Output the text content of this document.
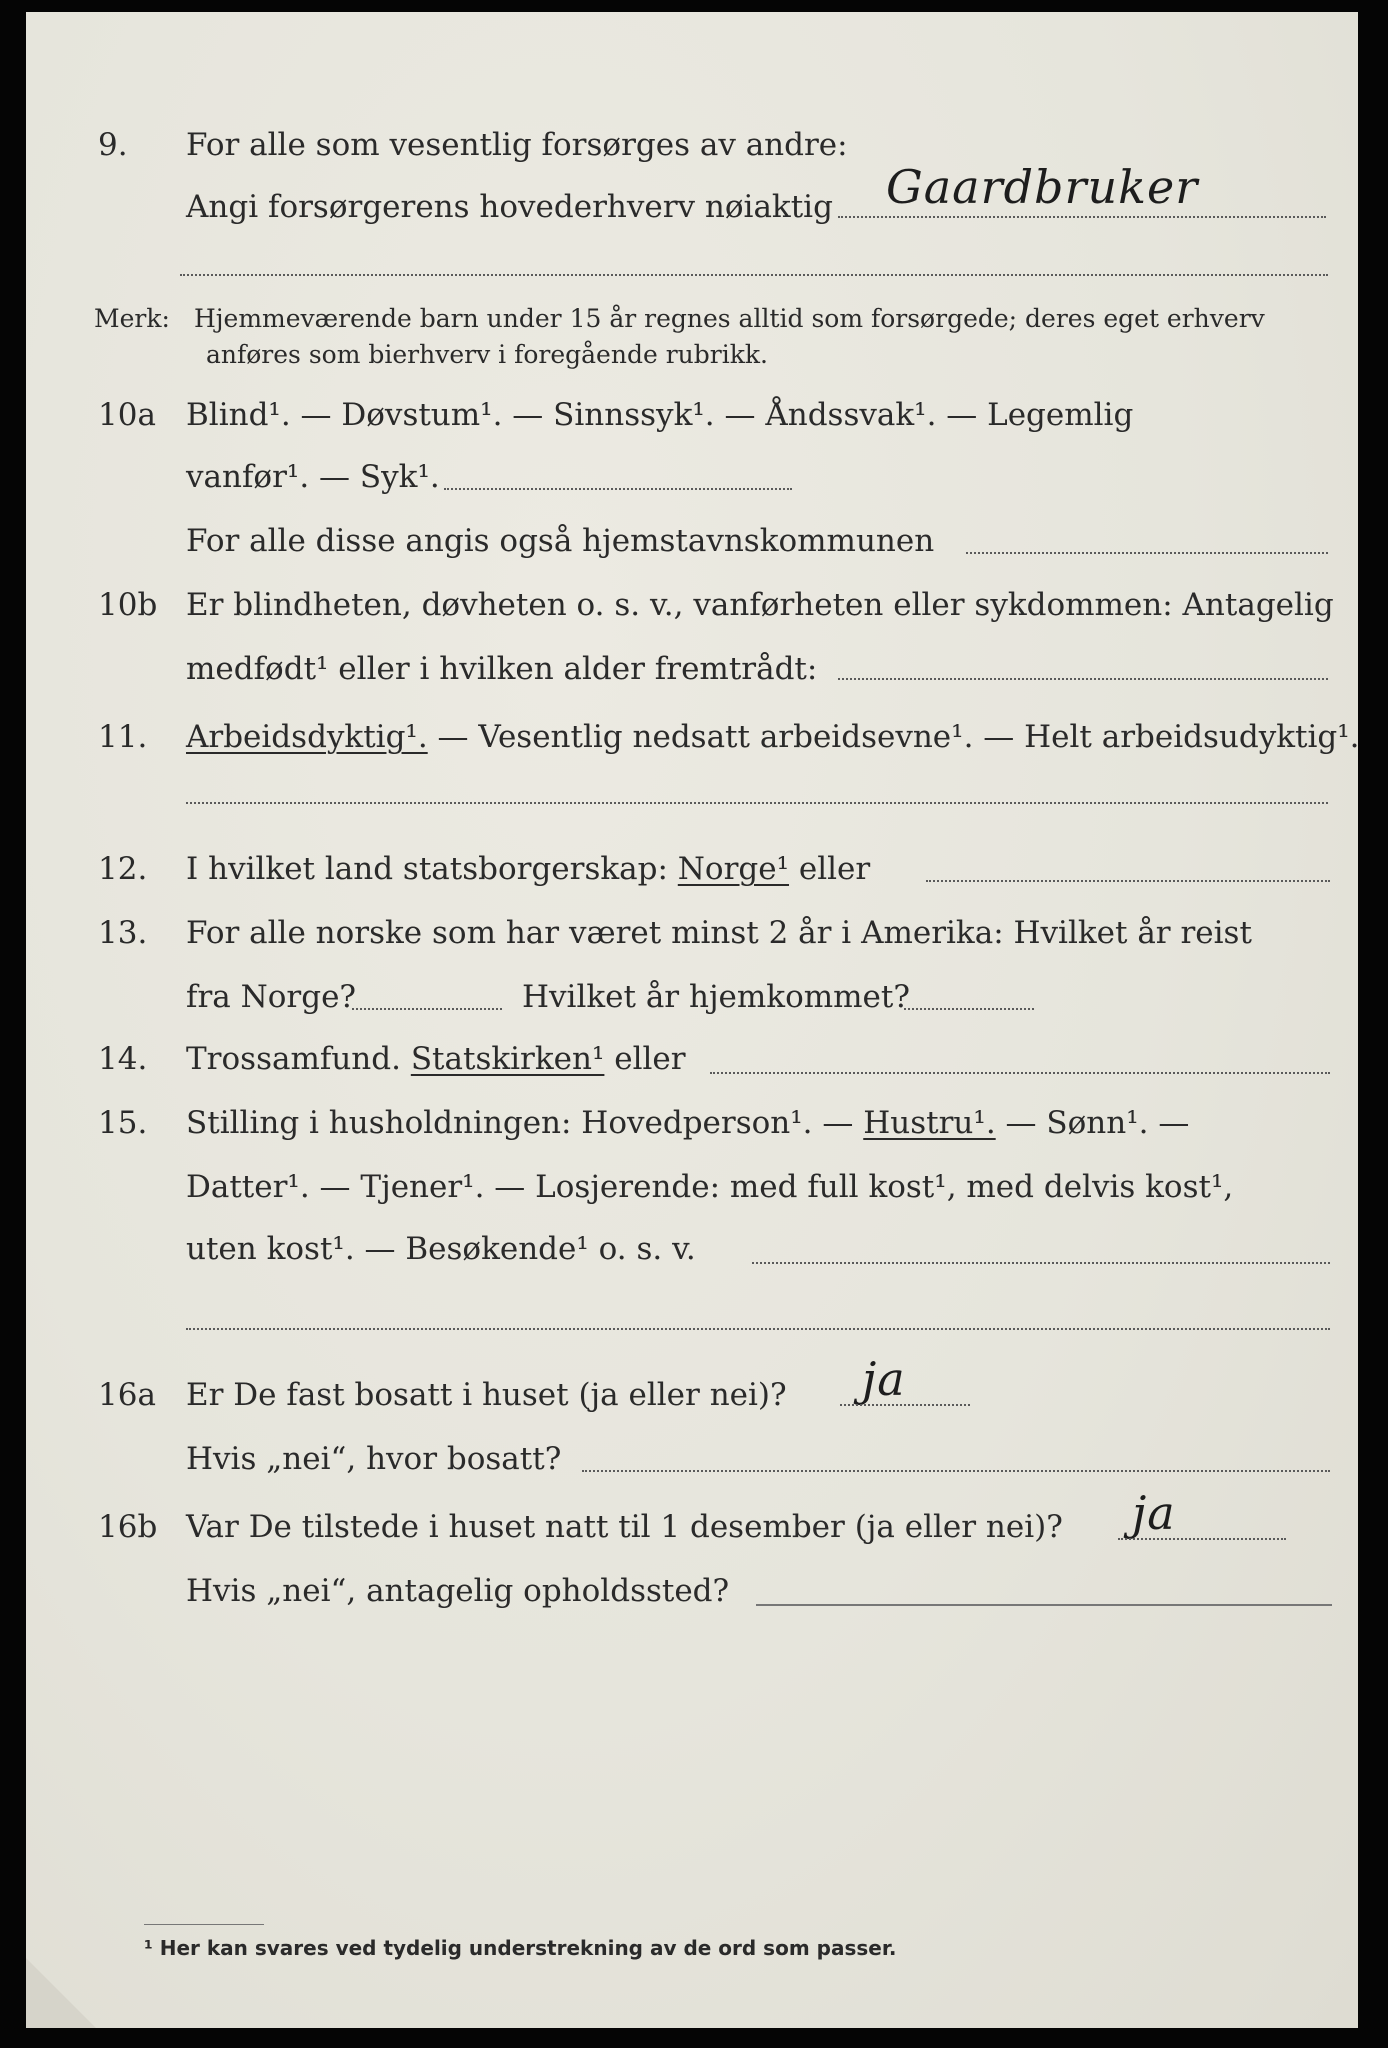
9. For alle som vesentlig forsørges av andre:
Angi forsørgerens hovederhverv nøiaktig Gaardbruker
Merk: Hjemmeværende barn under 15 år regnes alltid som forsørgede; deres eget erhverv
anføres som bierhverv i foregående rubrikk.
10a Blind¹. — Døvstum¹. — Sinnssyk¹. — Åndssvak¹. — Legemlig
vanfør¹. — Syk¹.
For alle disse angis også hjemstavnskommunen
10b Er blindheten, døvheten o. s. v., vanførheten eller sykdommen: Antagelig
medfødt¹ eller i hvilken alder fremtrådt:
11. Arbeidsdyktig¹. — Vesentlig nedsatt arbeidsevne¹. — Helt arbeidsudyktig¹.
12. I hvilket land statsborgerskap: Norge¹ eller
13. For alle norske som har været minst 2 år i Amerika: Hvilket år reist
fra Norge?	Hvilket år hjemkommet?
14. Trossamfund. Statskirken¹ eller
15. Stilling i husholdningen: Hovedperson¹. — Hustru¹. — Sønn¹. —
Datter¹. — Tjener¹. — Losjerende: med full kost¹, med delvis kost¹,
uten kost¹. — Besøkende¹ o. s. v.
16a Er De fast bosatt i huset (ja eller nei)? ja
Hvis „nei“, hvor bosatt?
16b Var De tilstede i huset natt til 1 desember (ja eller nei)? ja
Hvis „nei“, antagelig opholdssted?
¹ Her kan svares ved tydelig understrekning av de ord som passer.
